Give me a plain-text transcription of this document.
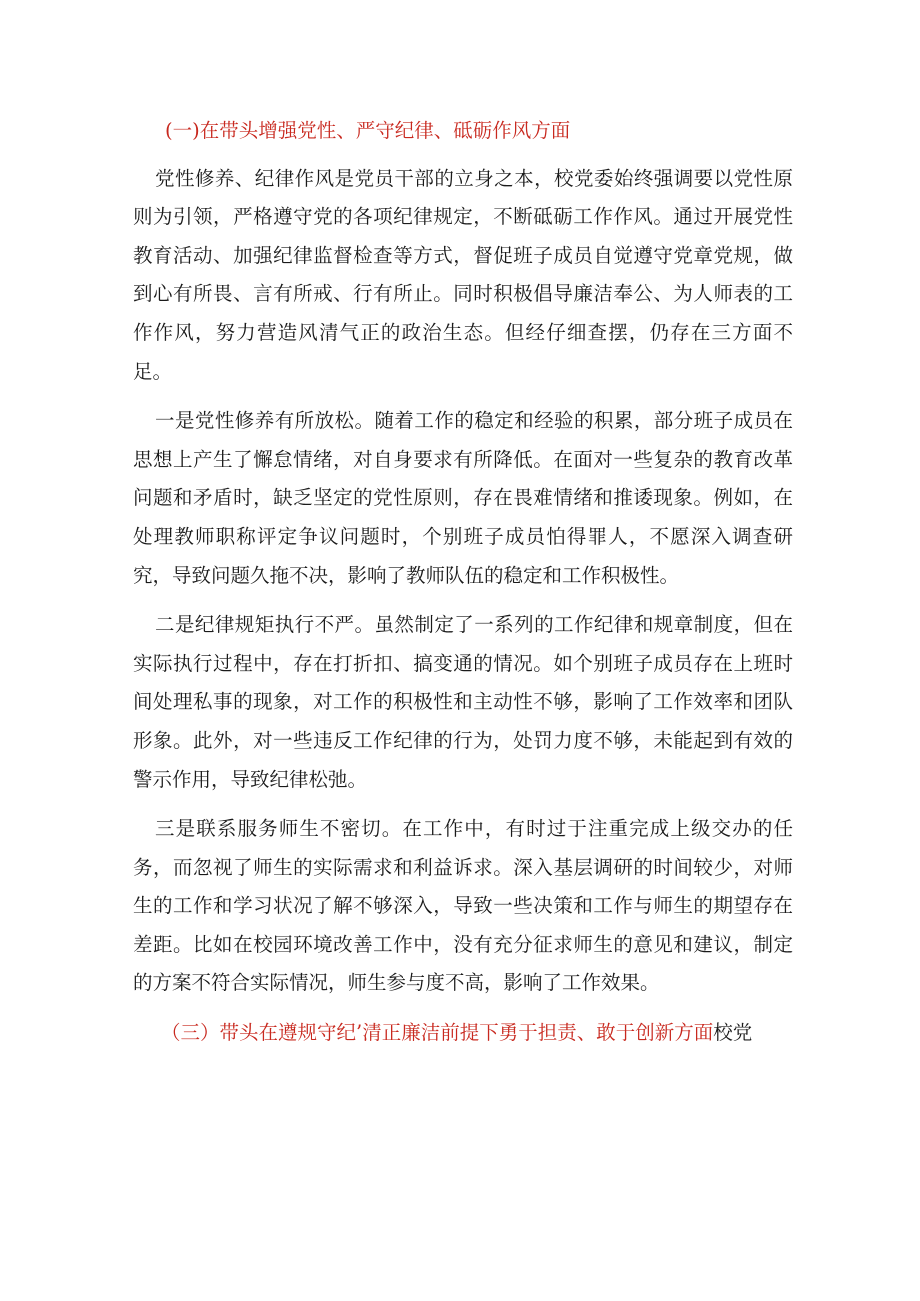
(一)在带头增强党性、严守纪律、砥砺作风方面

党性修养、纪律作风是党员干部的立身之本，校党委始终强调要以党性原则为引领，严格遵守党的各项纪律规定，不断砥砺工作作风。通过开展党性教育活动、加强纪律监督检查等方式，督促班子成员自觉遵守党章党规，做到心有所畏、言有所戒、行有所止。同时积极倡导廉洁奉公、为人师表的工作作风，努力营造风清气正的政治生态。但经仔细查摆，仍存在三方面不足。

一是党性修养有所放松。随着工作的稳定和经验的积累，部分班子成员在思想上产生了懈怠情绪，对自身要求有所降低。在面对一些复杂的教育改革问题和矛盾时，缺乏坚定的党性原则，存在畏难情绪和推诿现象。例如，在处理教师职称评定争议问题时，个别班子成员怕得罪人，不愿深入调查研究，导致问题久拖不决，影响了教师队伍的稳定和工作积极性。

二是纪律规矩执行不严。虽然制定了一系列的工作纪律和规章制度，但在实际执行过程中，存在打折扣、搞变通的情况。如个别班子成员存在上班时间处理私事的现象，对工作的积极性和主动性不够，影响了工作效率和团队形象。此外，对一些违反工作纪律的行为，处罚力度不够，未能起到有效的警示作用，导致纪律松弛。

三是联系服务师生不密切。在工作中，有时过于注重完成上级交办的任务，而忽视了师生的实际需求和利益诉求。深入基层调研的时间较少，对师生的工作和学习状况了解不够深入，导致一些决策和工作与师生的期望存在差距。比如在校园环境改善工作中，没有充分征求师生的意见和建议，制定的方案不符合实际情况，师生参与度不高，影响了工作效果。

（三）带头在遵规守纪’清正廉洁前提下勇于担责、敢于创新方面校党
